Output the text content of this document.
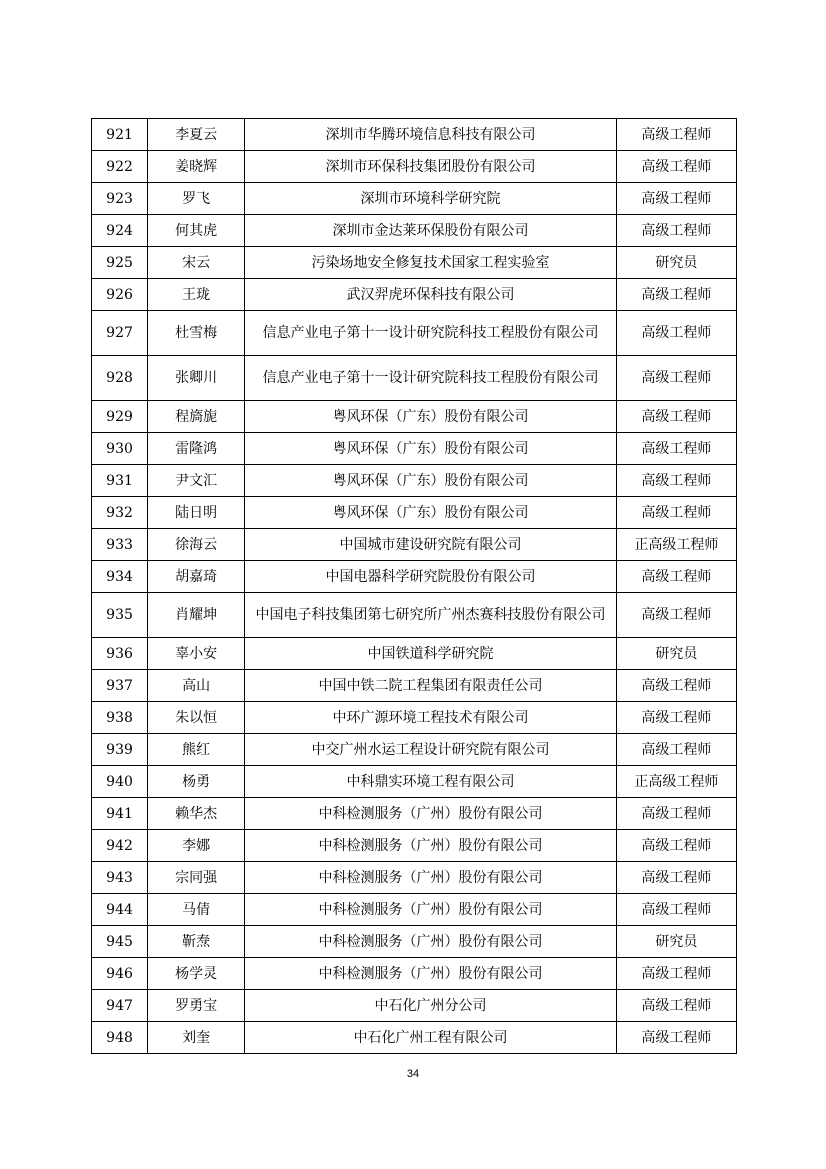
921	李夏云	深圳市华腾环境信息科技有限公司	高级工程师
922	姜晓辉	深圳市环保科技集团股份有限公司	高级工程师
923	罗飞	深圳市环境科学研究院	高级工程师
924	何其虎	深圳市金达莱环保股份有限公司	高级工程师
925	宋云	污染场地安全修复技术国家工程实验室	研究员
926	王珑	武汉羿虎环保科技有限公司	高级工程师
927	杜雪梅	信息产业电子第十一设计研究院科技工程股份有限公司	高级工程师
928	张卿川	信息产业电子第十一设计研究院科技工程股份有限公司	高级工程师
929	程旖旎	粤风环保（广东）股份有限公司	高级工程师
930	雷隆鸿	粤风环保（广东）股份有限公司	高级工程师
931	尹文汇	粤风环保（广东）股份有限公司	高级工程师
932	陆日明	粤风环保（广东）股份有限公司	高级工程师
933	徐海云	中国城市建设研究院有限公司	正高级工程师
934	胡嘉琦	中国电器科学研究院股份有限公司	高级工程师
935	肖耀坤	中国电子科技集团第七研究所广州杰赛科技股份有限公司	高级工程师
936	辜小安	中国铁道科学研究院	研究员
937	高山	中国中铁二院工程集团有限责任公司	高级工程师
938	朱以恒	中环广源环境工程技术有限公司	高级工程师
939	熊红	中交广州水运工程设计研究院有限公司	高级工程师
940	杨勇	中科鼎实环境工程有限公司	正高级工程师
941	赖华杰	中科检测服务（广州）股份有限公司	高级工程师
942	李娜	中科检测服务（广州）股份有限公司	高级工程师
943	宗同强	中科检测服务（广州）股份有限公司	高级工程师
944	马倩	中科检测服务（广州）股份有限公司	高级工程师
945	靳焘	中科检测服务（广州）股份有限公司	研究员
946	杨学灵	中科检测服务（广州）股份有限公司	高级工程师
947	罗勇宝	中石化广州分公司	高级工程师
948	刘奎	中石化广州工程有限公司	高级工程师
34
